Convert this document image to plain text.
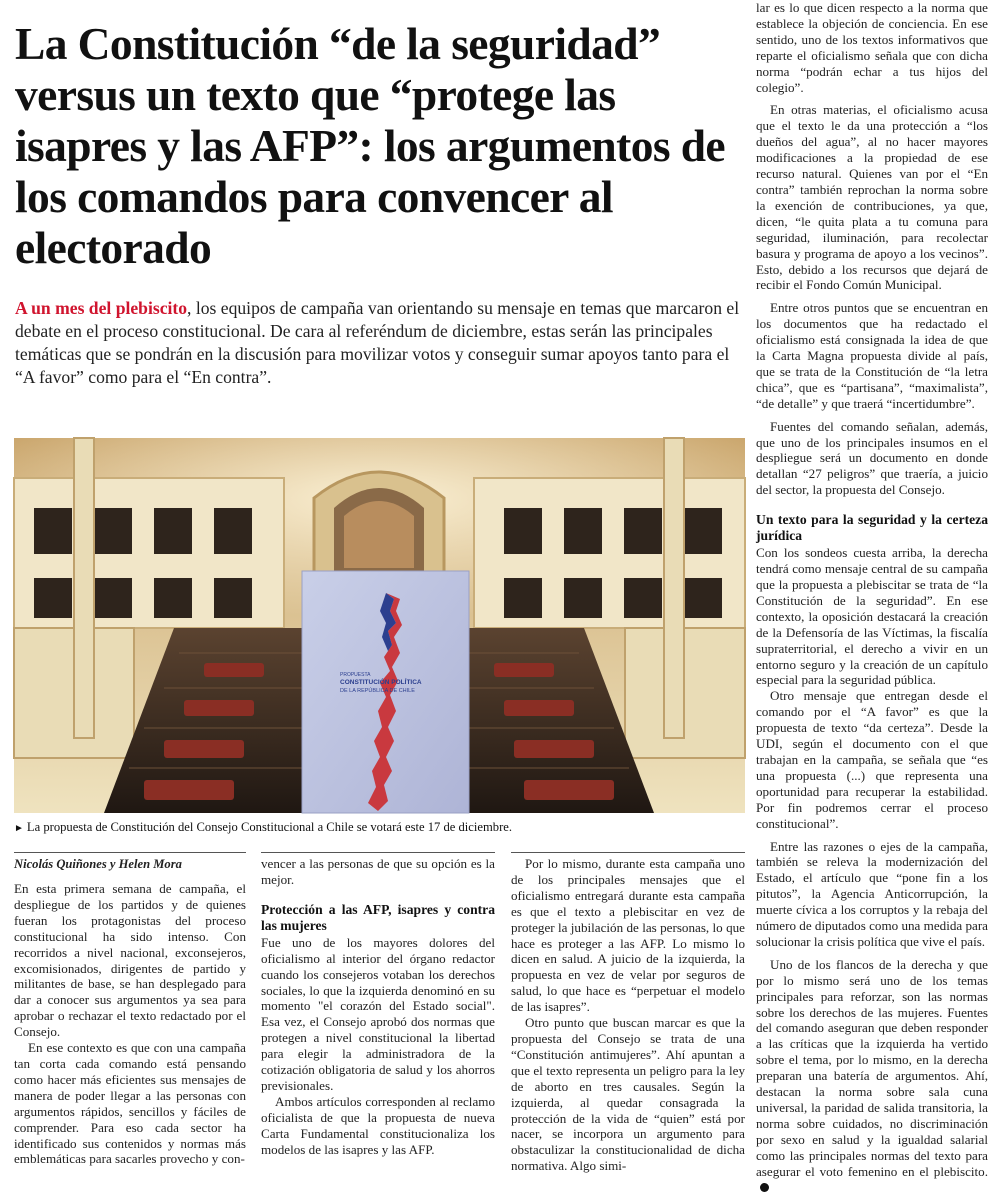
La Constitución “de la seguridad” versus un texto que “protege las isapres y las AFP”: los argumentos de los comandos para convencer al electorado

A un mes del plebiscito, los equipos de campaña van orientando su mensaje en temas que marcaron el debate en el proceso constitucional. De cara al referéndum de diciembre, estas serán las principales temáticas que se pondrán en la discusión para movilizar votos y conseguir sumar apoyos tanto para el “A favor” como para el “En contra”.

PROPUESTA
CONSTITUCIÓN POLÍTICA
DE LA REPÚBLICA DE CHILE
► La propuesta de Constitución del Consejo Constitucional a Chile se votará este 17 de diciembre.
Nicolás Quiñones y Helen Mora

En esta primera semana de campaña, el despliegue de los partidos y de quienes fueran los protagonistas del proceso constitucional ha sido intenso. Con recorridos a nivel nacional, exconsejeros, excomisionados, dirigentes de partido y militantes de base, se han desplegado para dar a conocer sus argumentos ya sea para aprobar o rechazar el texto redactado por el Consejo.

En ese contexto es que con una campaña tan corta cada comando está pensando como hacer más eficientes sus mensajes de manera de poder llegar a las personas con argumentos rápidos, sencillos y fáciles de comprender. Para eso cada sector ha identificado sus contenidos y normas más emblemáticas para sacarles provecho y con-

vencer a las personas de que su opción es la mejor.

Protección a las AFP, isapres y contra las mujeres

Fue uno de los mayores dolores del oficialismo al interior del órgano redactor cuando los consejeros votaban los derechos sociales, lo que la izquierda denominó en su momento "el corazón del Estado social". Esa vez, el Consejo aprobó dos normas que protegen a nivel constitucional la libertad para elegir la administradora de la cotización obligatoria de salud y los ahorros previsionales.

Ambos artículos corresponden al reclamo oficialista de que la propuesta de nueva Carta Fundamental constitucionaliza los modelos de las isapres y las AFP.

Por lo mismo, durante esta campaña uno de los principales mensajes que el oficialismo entregará durante esta campaña es que el texto a plebiscitar en vez de proteger la jubilación de las personas, lo que hace es proteger a las AFP. Lo mismo lo dicen en salud. A juicio de la izquierda, la propuesta en vez de velar por seguros de salud, lo que hace es “perpetuar el modelo de las isapres”.

Otro punto que buscan marcar es que la propuesta del Consejo se trata de una “Constitución antimujeres”. Ahí apuntan a que el texto representa un peligro para la ley de aborto en tres causales. Según la izquierda, al quedar consagrada la protección de la vida de “quien” está por nacer, se incorpora un argumento para obstaculizar la constitucionalidad de dicha normativa. Algo simi-

lar es lo que dicen respecto a la norma que establece la objeción de conciencia. En ese sentido, uno de los textos informativos que reparte el oficialismo señala que con dicha norma “podrán echar a tus hijos del colegio”.

En otras materias, el oficialismo acusa que el texto le da una protección a “los dueños del agua”, al no hacer mayores modificaciones a la propiedad de ese recurso natural. Quienes van por el “En contra” también reprochan la norma sobre la exención de contribuciones, ya que, dicen, “le quita plata a tu comuna para seguridad, iluminación, para recolectar basura y programa de apoyo a los vecinos”. Esto, debido a los recursos que dejará de recibir el Fondo Común Municipal.

Entre otros puntos que se encuentran en los documentos que ha redactado el oficialismo está consignada la idea de que la Carta Magna propuesta divide al país, que se trata de la Constitución de “la letra chica”, que es “partisana”, “maximalista”, “de detalle” y que traerá “incertidumbre”.

Fuentes del comando señalan, además, que uno de los principales insumos en el despliegue será un documento en donde detallan “27 peligros” que traería, a juicio del sector, la propuesta del Consejo.

Un texto para la seguridad y la certeza jurídica

Con los sondeos cuesta arriba, la derecha tendrá como mensaje central de su campaña que la propuesta a plebiscitar se trata de “la Constitución de la seguridad”. En ese contexto, la oposición destacará la creación de la Defensoría de las Víctimas, la fiscalía supraterritorial, el derecho a vivir en un entorno seguro y la creación de un capítulo especial para la seguridad pública.

Otro mensaje que entregan desde el comando por el “A favor” es que la propuesta de texto “da certeza”. Desde la UDI, según el documento con el que trabajan en la campaña, se señala que “es una propuesta (...) que representa una oportunidad para recuperar la estabilidad. Por fin podremos cerrar el proceso constitucional”.

Entre las razones o ejes de la campaña, también se releva la modernización del Estado, el artículo que “pone fin a los pitutos”, la Agencia Anticorrupción, la muerte cívica a los corruptos y la rebaja del número de diputados como una medida para solucionar la crisis política que vive el país.

Uno de los flancos de la derecha y que por lo mismo será uno de los temas principales para reforzar, son las normas sobre los derechos de las mujeres. Fuentes del comando aseguran que deben responder a las críticas que la izquierda ha vertido sobre el tema, por lo mismo, en la derecha preparan una batería de argumentos. Ahí, destacan la norma sobre sala cuna universal, la paridad de salida transitoria, la norma sobre cuidados, no discriminación por sexo en salud y la igualdad salarial como las principales normas del texto para asegurar el voto femenino en el plebiscito.
